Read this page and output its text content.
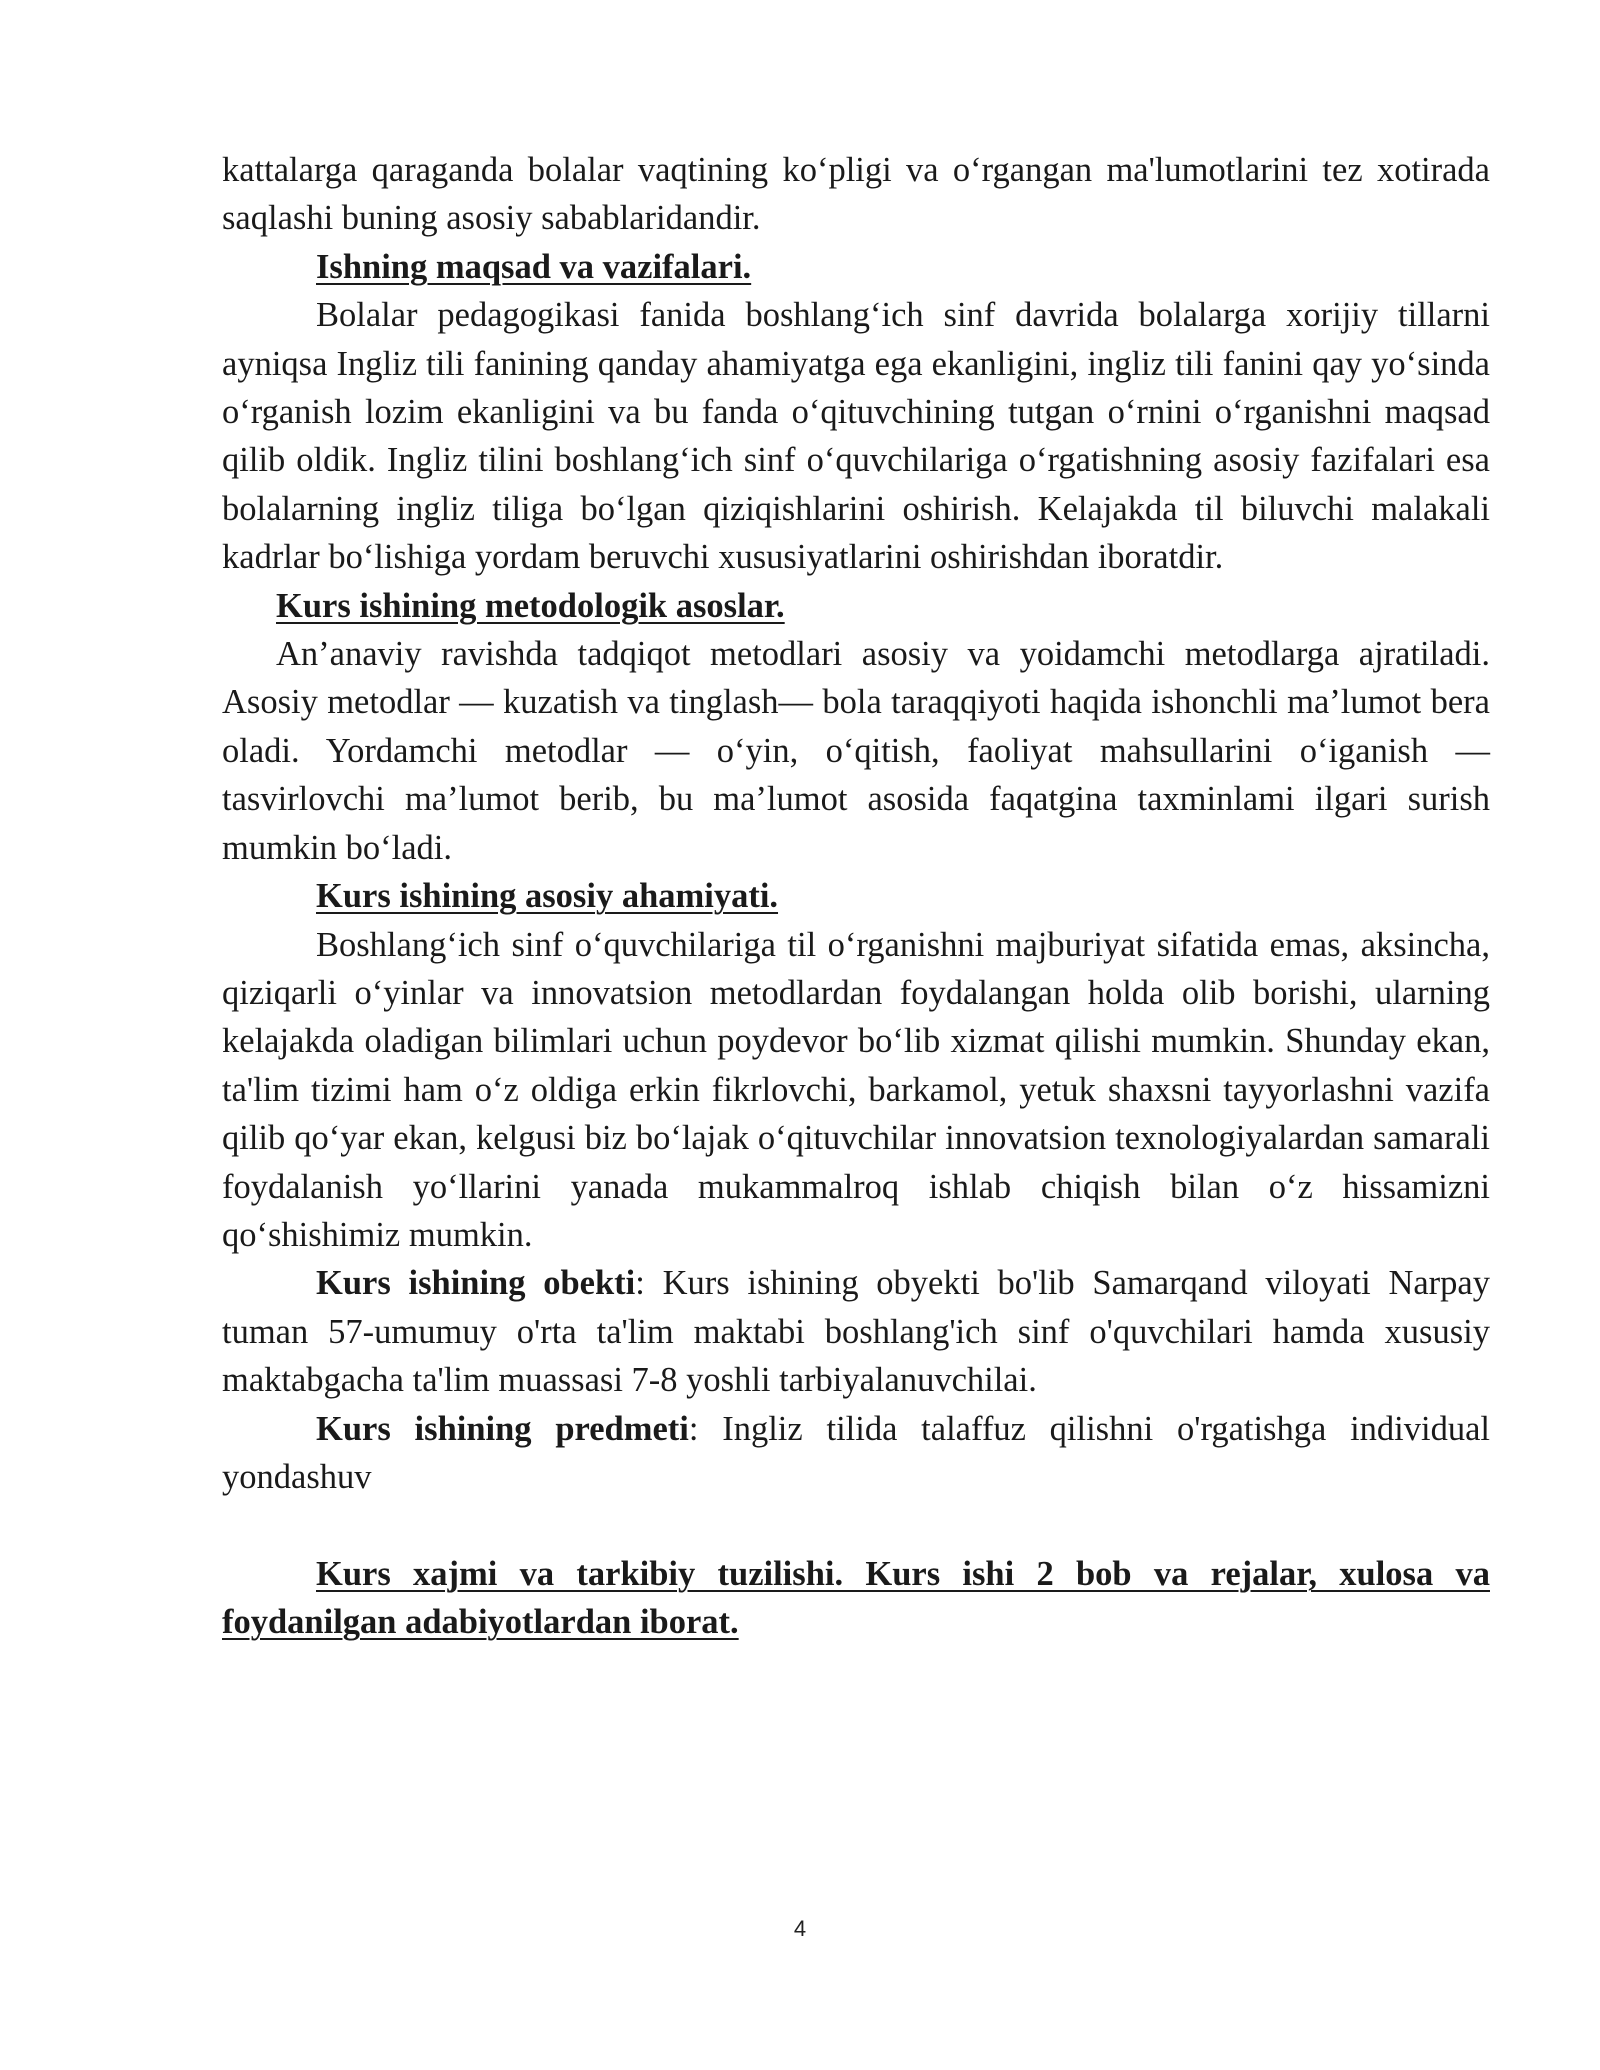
kattalarga qaraganda bolalar vaqtining koʻpligi va oʻrgangan ma'lumotlarini tez xotirada saqlashi buning asosiy sabablaridandir.

Ishning maqsad va vazifalari.

Bolalar pedagogikasi fanida boshlangʻich sinf davrida bolalarga xorijiy tillarni ayniqsa Ingliz tili fanining qanday ahamiyatga ega ekanligini, ingliz tili fanini qay yoʻsinda oʻrganish lozim ekanligini va bu fanda oʻqituvchining tutgan oʻrnini oʻrganishni maqsad qilib oldik. Ingliz tilini boshlangʻich sinf oʻquvchilariga oʻrgatishning asosiy fazifalari esa bolalarning ingliz tiliga boʻlgan qiziqishlarini oshirish. Kelajakda til biluvchi malakali kadrlar boʻlishiga yordam beruvchi xususiyatlarini oshirishdan iboratdir.

Kurs ishining metodologik asoslar.

An’anaviy ravishda tadqiqot metodlari asosiy va yoidamchi metodlarga ajratiladi. Asosiy metodlar — kuzatish va tinglash— bola taraqqiyoti haqida ishonchli ma’lumot bera oladi. Yordamchi metodlar — oʻyin, oʻqitish, faoliyat mahsullarini oʻiganish — tasvirlovchi ma’lumot berib, bu ma’lumot asosida faqatgina taxminlami ilgari surish mumkin boʻladi.

Kurs ishining asosiy ahamiyati.

Boshlangʻich sinf oʻquvchilariga til oʻrganishni majburiyat sifatida emas, aksincha, qiziqarli oʻyinlar va innovatsion metodlardan foydalangan holda olib borishi, ularning kelajakda oladigan bilimlari uchun poydevor boʻlib xizmat qilishi mumkin. Shunday ekan, ta'lim tizimi ham oʻz oldiga erkin fikrlovchi, barkamol, yetuk shaxsni tayyorlashni vazifa qilib qoʻyar ekan, kelgusi biz boʻlajak oʻqituvchilar innovatsion texnologiyalardan samarali foydalanish yoʻllarini yanada mukammalroq ishlab chiqish bilan oʻz hissamizni qoʻshishimiz mumkin.

Kurs ishining obekti: Kurs ishining obyekti bo'lib Samarqand viloyati Narpay tuman 57-umumuy o'rta ta'lim maktabi boshlang'ich sinf o'quvchilari hamda xususiy maktabgacha ta'lim muassasi 7-8 yoshli tarbiyalanuvchilai.

Kurs ishining predmeti: Ingliz tilida talaffuz qilishni o'rgatishga individual yondashuv

Kurs xajmi va tarkibiy tuzilishi. Kurs ishi 2 bob va rejalar, xulosa va foydanilgan adabiyotlardan iborat.

4
